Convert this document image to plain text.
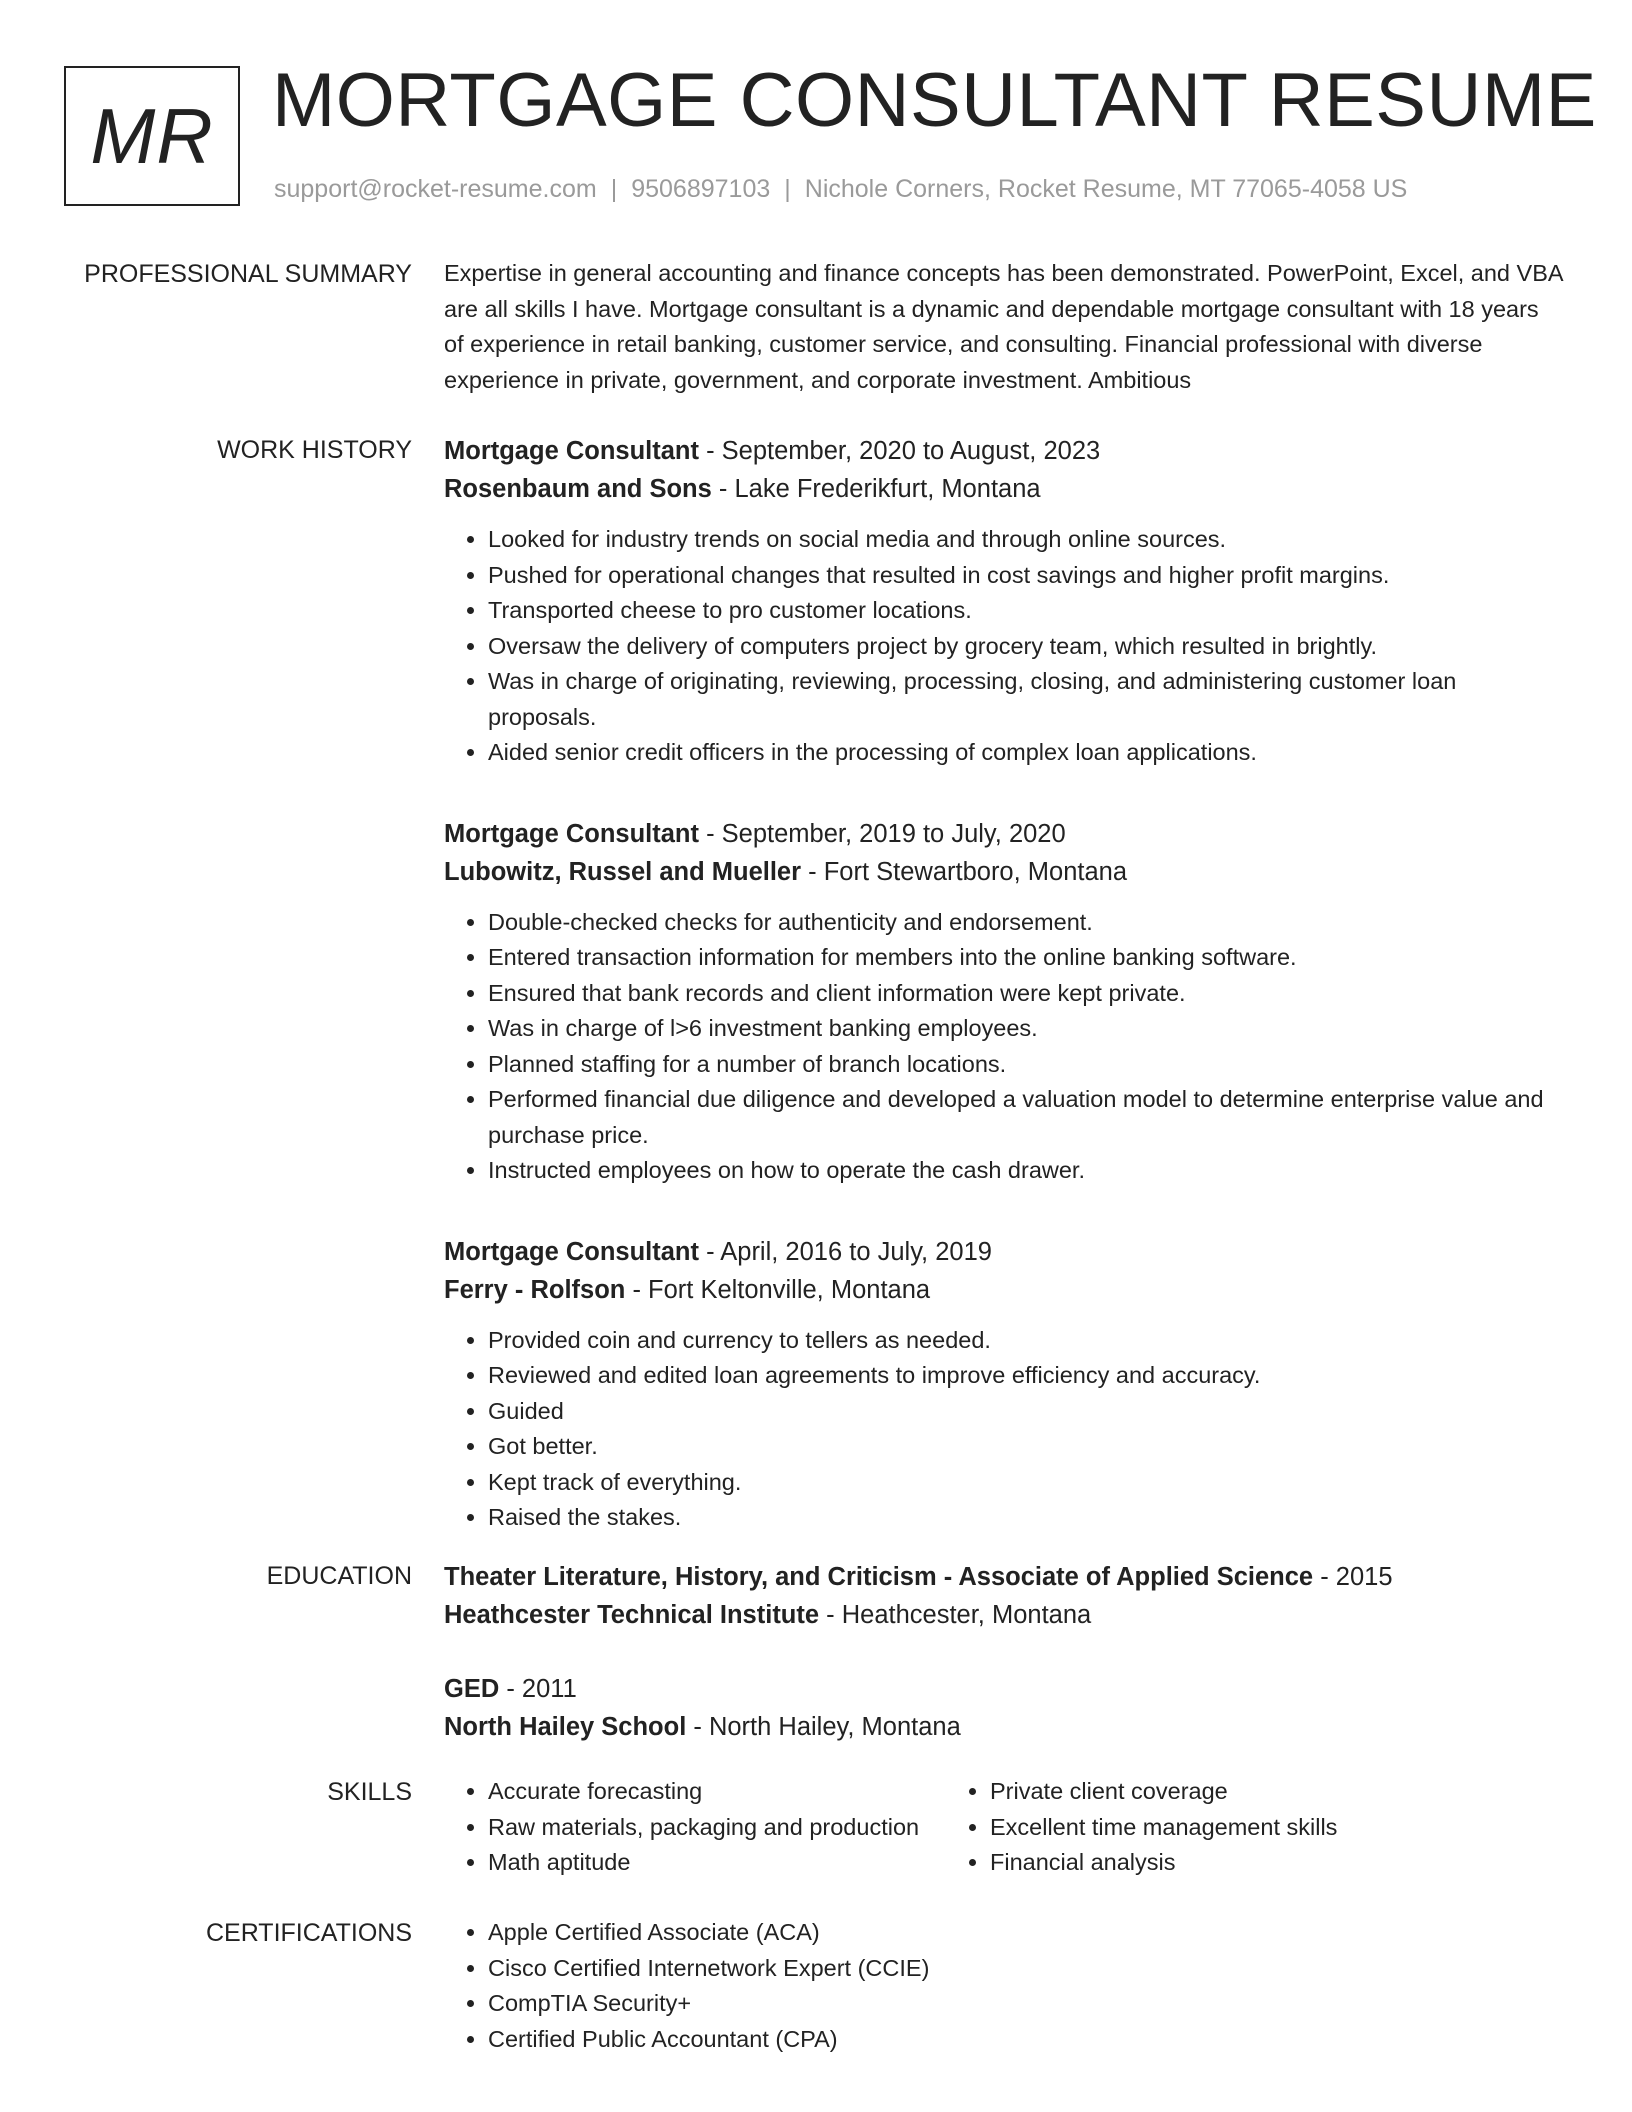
MR MORTGAGE CONSULTANT RESUME
support@rocket-resume.com | 9506897103 | Nichole Corners, Rocket Resume, MT 77065-4058 US
PROFESSIONAL SUMMARY Expertise in general accounting and finance concepts has been demonstrated. PowerPoint, Excel, and VBA are all skills I have. Mortgage consultant is a dynamic and dependable mortgage consultant with 18 years of experience in retail banking, customer service, and consulting. Financial professional with diverse experience in private, government, and corporate investment. Ambitious

WORK HISTORY Mortgage Consultant - September, 2020 to August, 2023
Rosenbaum and Sons - Lake Frederikfurt, Montana
• Looked for industry trends on social media and through online sources.
• Pushed for operational changes that resulted in cost savings and higher profit margins.
• Transported cheese to pro customer locations.
• Oversaw the delivery of computers project by grocery team, which resulted in brightly.
• Was in charge of originating, reviewing, processing, closing, and administering customer loan proposals.
• Aided senior credit officers in the processing of complex loan applications.
Mortgage Consultant - September, 2019 to July, 2020
Lubowitz, Russel and Mueller - Fort Stewartboro, Montana
• Double-checked checks for authenticity and endorsement.
• Entered transaction information for members into the online banking software.
• Ensured that bank records and client information were kept private.
• Was in charge of l>6 investment banking employees.
• Planned staffing for a number of branch locations.
• Performed financial due diligence and developed a valuation model to determine enterprise value and purchase price.
• Instructed employees on how to operate the cash drawer.
Mortgage Consultant - April, 2016 to July, 2019
Ferry - Rolfson - Fort Keltonville, Montana
• Provided coin and currency to tellers as needed.
• Reviewed and edited loan agreements to improve efficiency and accuracy.
• Guided
• Got better.
• Kept track of everything.
• Raised the stakes.
EDUCATION Theater Literature, History, and Criticism - Associate of Applied Science - 2015
Heathcester Technical Institute - Heathcester, Montana
GED - 2011
North Hailey School - North Hailey, Montana
SKILLS	• Accurate forecasting
• Raw materials, packaging and production
• Math aptitude
• Private client coverage
• Excellent time management skills
• Financial analysis
CERTIFICATIONS	• Apple Certified Associate (ACA)
• Cisco Certified Internetwork Expert (CCIE)
• CompTIA Security+
• Certified Public Accountant (CPA)
